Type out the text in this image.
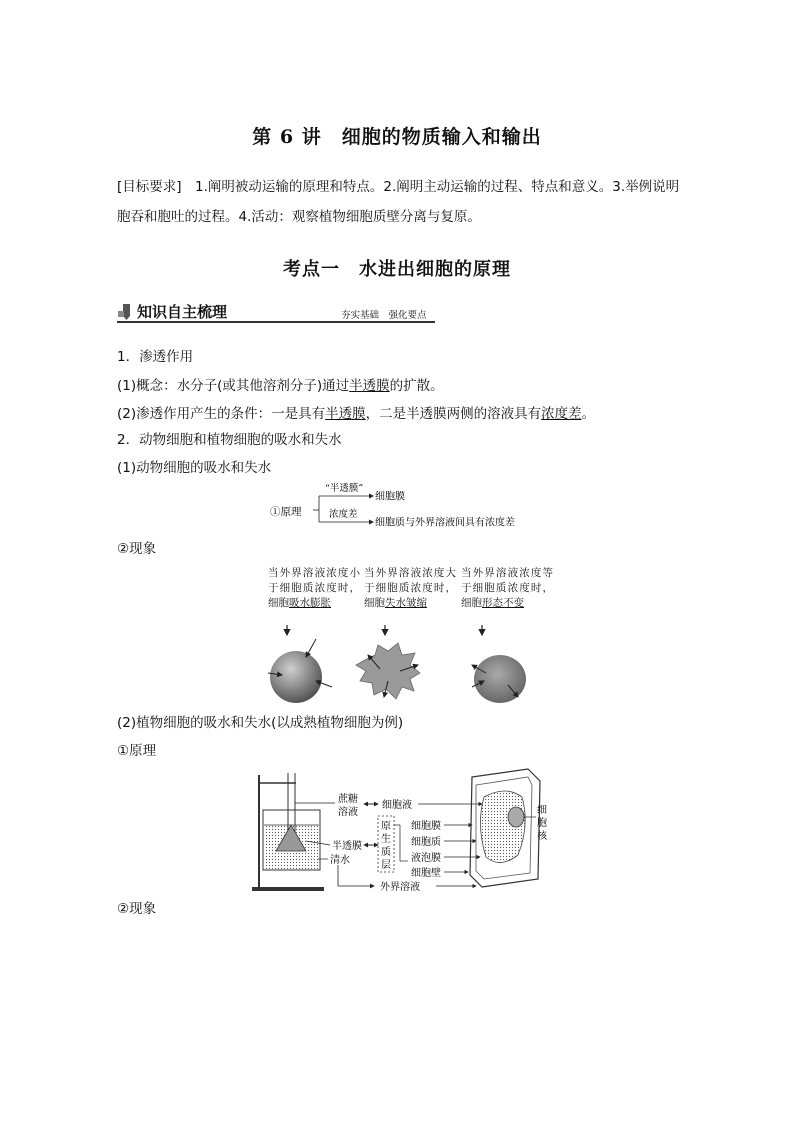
第 6 讲　细胞的物质输入和输出
[目标要求]　1.阐明被动运输的原理和特点。2.阐明主动运输的过程、特点和意义。3.举例说明胞吞和胞吐的过程。4.活动：观察植物细胞质壁分离与复原。
考点一　水进出细胞的原理
知识自主梳理	夯实基础　强化要点
1．渗透作用
(1)概念：水分子(或其他溶剂分子)通过半透膜的扩散。
(2)渗透作用产生的条件：一是具有半透膜，二是半透膜两侧的溶液具有浓度差。
2．动物细胞和植物细胞的吸水和失水
(1)动物细胞的吸水和失水
①原理
“半透膜”
细胞膜
浓度差
细胞质与外界溶液间具有浓度差
②现象
当外界溶液浓度小于细胞质浓度时，细胞吸水膨胀
当外界溶液浓度大于细胞质浓度时，细胞失水皱缩
当外界溶液浓度等于细胞质浓度时，细胞形态不变
(2)植物细胞的吸水和失水(以成熟植物细胞为例)
①原理
蔗糖
溶液
半透膜
清水
细胞液
原
生
质
层
细胞膜
细胞质
液泡膜
细胞壁
外界溶液
细
胞
核
②现象
